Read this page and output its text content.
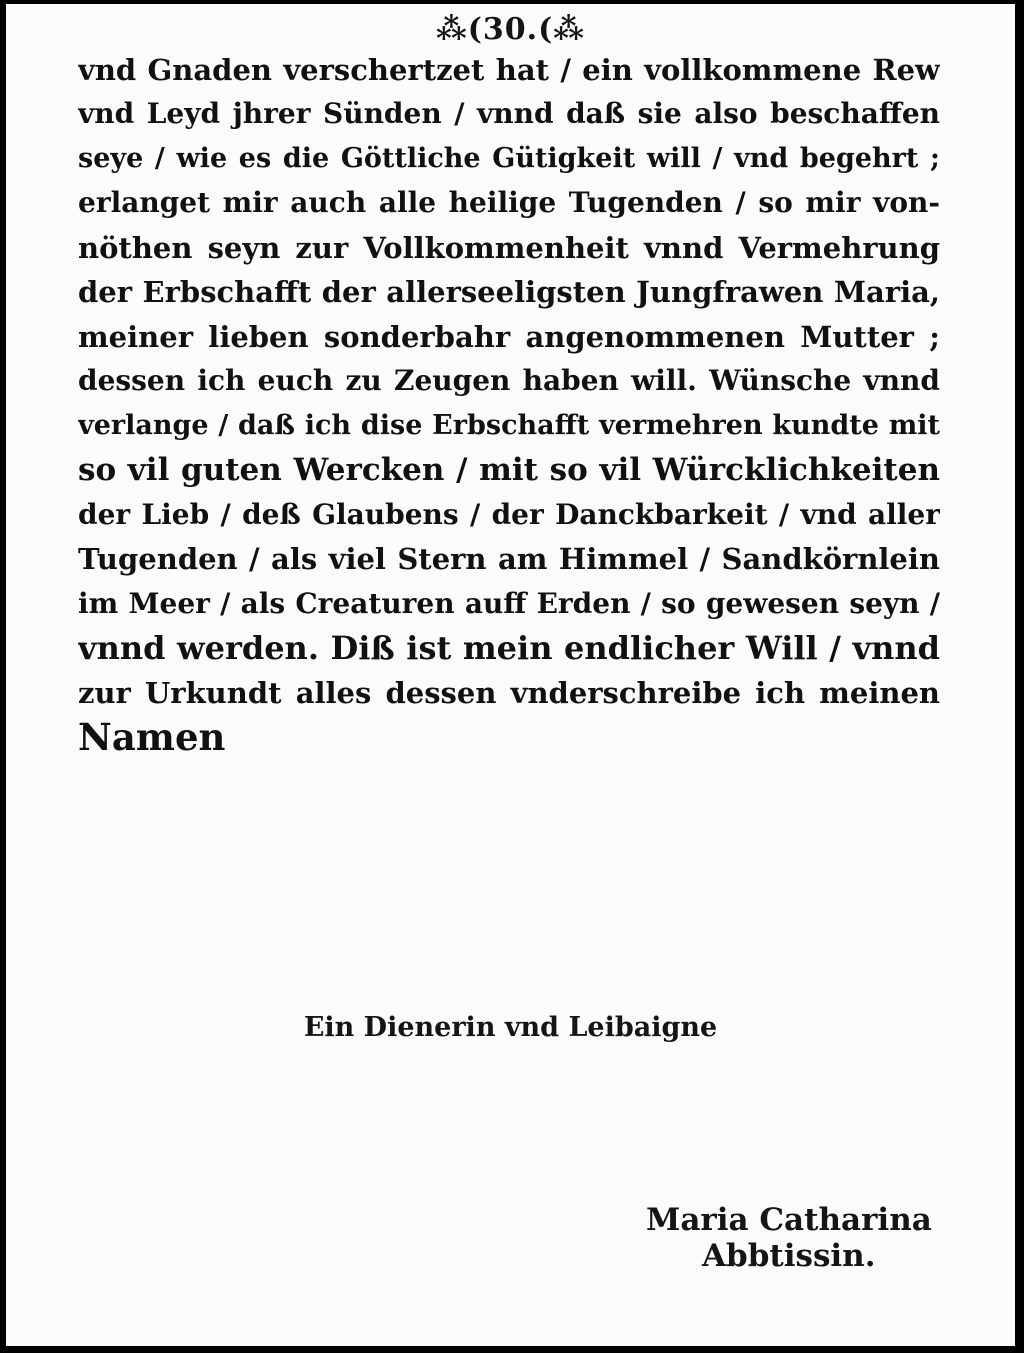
⁂(30.(⁂

vnd Gnaden verschertzet hat / ein vollkommene Rew

vnd Leyd jhrer Sünden / vnnd daß sie also beschaffen

seye / wie es die Göttliche Gütigkeit will / vnd begehrt ;

erlanget mir auch alle heilige Tugenden / so mir von-

nöthen seyn zur Vollkommenheit vnnd Vermehrung

der Erbschafft der allerseeligsten Jungfrawen Maria,

meiner lieben sonderbahr angenommenen Mutter ;

dessen ich euch zu Zeugen haben will. Wünsche vnnd

verlange / daß ich dise Erbschafft vermehren kundte mit

so vil guten Wercken / mit so vil Würcklichkeiten

der Lieb / deß Glaubens / der Danckbarkeit / vnd aller

Tugenden / als viel Stern am Himmel / Sandkörnlein

im Meer / als Creaturen auff Erden / so gewesen seyn /

vnnd werden. Diß ist mein endlicher Will / vnnd

zur Urkundt alles dessen vnderschreibe ich meinen

Namen

Ein Dienerin vnd Leibaigne
Maria Catharina
Abbtissin.
